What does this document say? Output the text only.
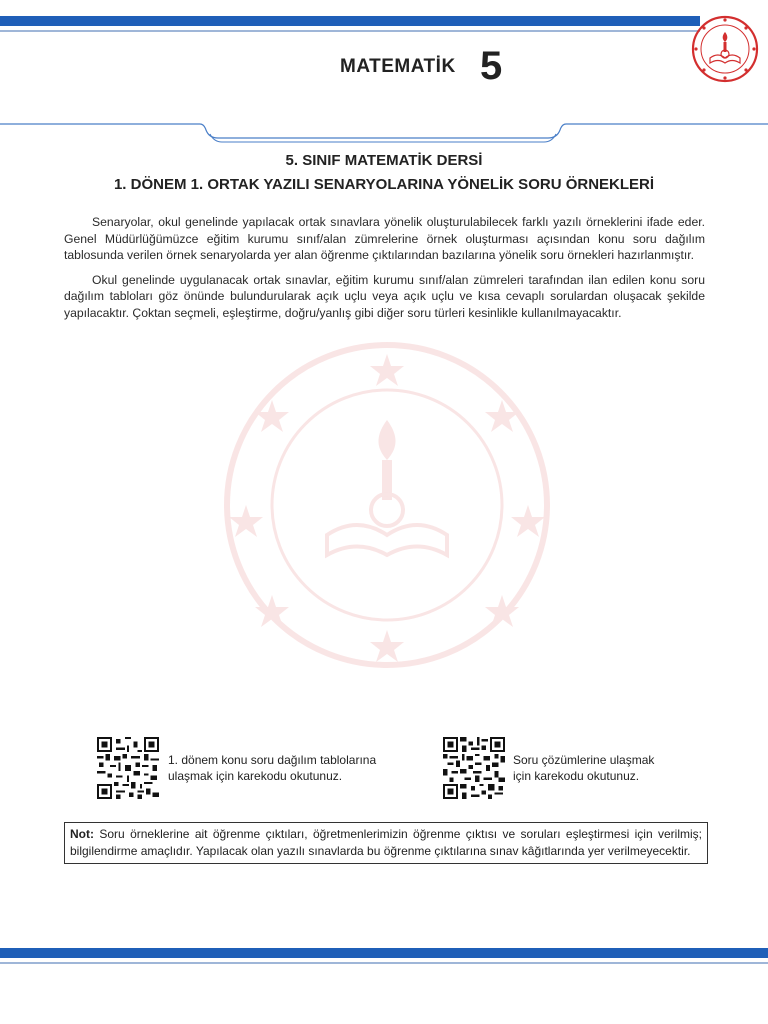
MATEMATİK 5

5. SINIF MATEMATİK DERSİ

1. DÖNEM 1. ORTAK YAZILI SENARYOLARINA YÖNELİK SORU ÖRNEKLERİ

Senaryolar, okul genelinde yapılacak ortak sınavlara yönelik oluşturulabilecek farklı yazılı örneklerini ifade eder. Genel Müdürlüğümüzce eğitim kurumu sınıf/alan zümrelerine örnek oluşturması açısından konu soru dağılım tablosunda verilen örnek senaryolarda yer alan öğrenme çıktılarından bazılarına yönelik soru örnekleri hazırlanmıştır.

Okul genelinde uygulanacak ortak sınavlar, eğitim kurumu sınıf/alan zümreleri tarafından ilan edilen konu soru dağılım tabloları göz önünde bulundurularak açık uçlu veya açık uçlu ve kısa cevaplı sorulardan oluşacak şekilde yapılacaktır. Çoktan seçmeli, eşleştirme, doğru/yanlış gibi diğer soru türleri kesinlikle kullanılmayacaktır.

1. dönem konu soru dağılım tablolarına
ulaşmak için karekodu okutunuz.
Soru çözümlerine ulaşmak
için karekodu okutunuz.
Not: Soru örneklerine ait öğrenme çıktıları, öğretmenlerimizin öğrenme çıktısı ve soruları eşleştirmesi için verilmiş; bilgilendirme amaçlıdır. Yapılacak olan yazılı sınavlarda bu öğrenme çıktılarına sınav kâğıtlarında yer verilmeyecektir.
